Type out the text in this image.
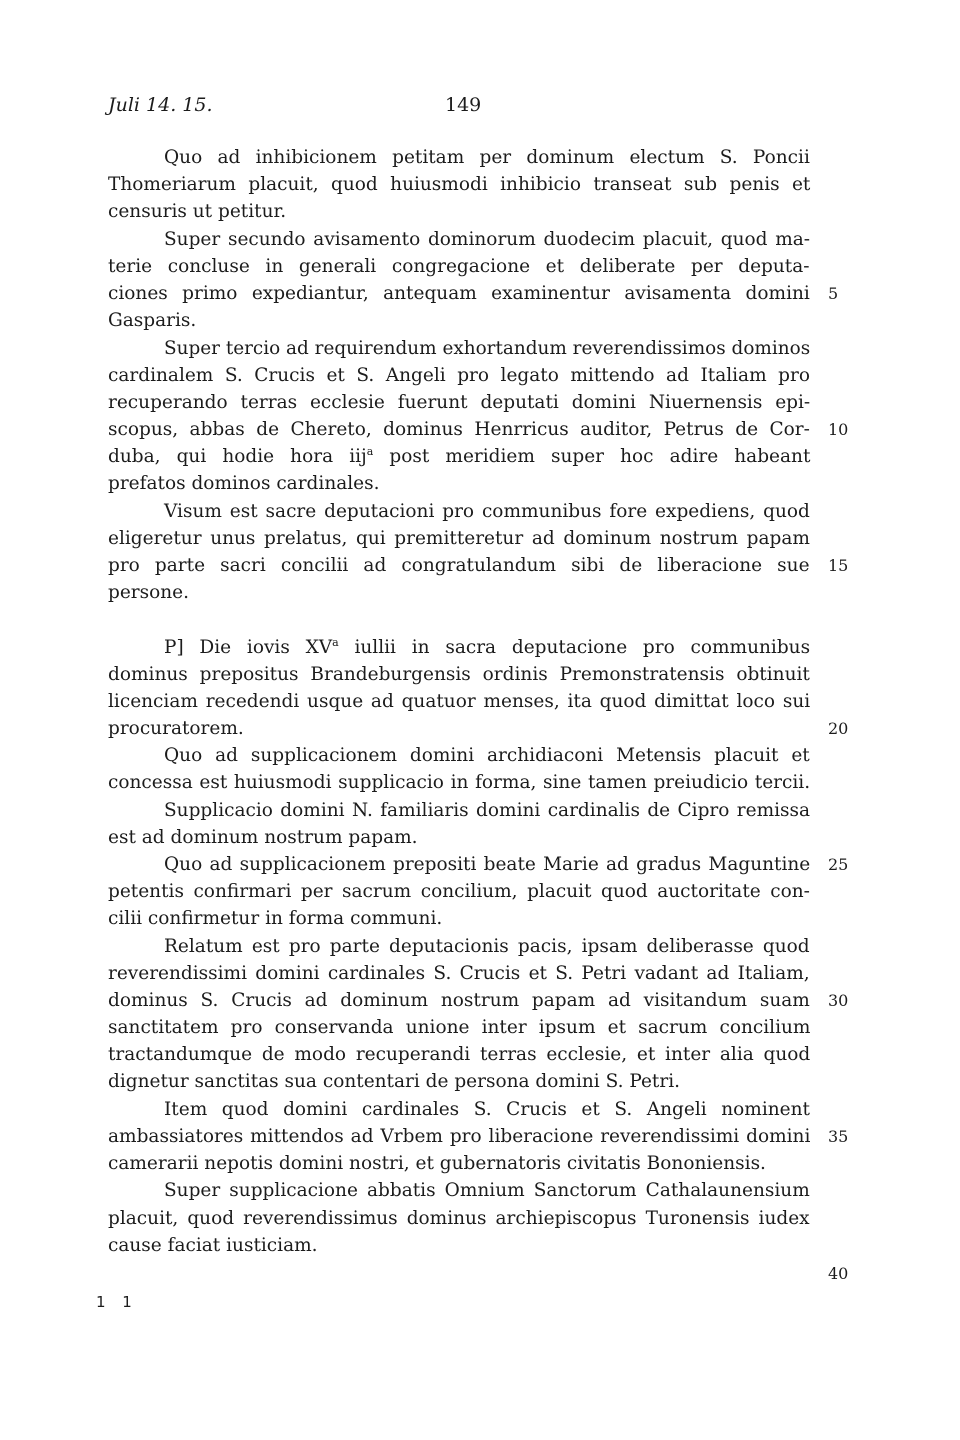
Juli 14. 15.	149
Quo ad inhibicionem petitam per dominum electum S. Poncii
Thomeriarum placuit, quod huiusmodi inhibicio transeat sub penis et
censuris ut petitur.
Super secundo avisamento dominorum duodecim placuit, quod ma-
terie concluse in generali congregacione et deliberate per deputa-
ciones primo expediantur, antequam examinentur avisamenta domini
Gasparis.
Super tercio ad requirendum exhortandum reverendissimos dominos
cardinalem S. Crucis et S. Angeli pro legato mittendo ad Italiam pro
recuperando terras ecclesie fuerunt deputati domini Niuernensis epi-
scopus, abbas de Chereto, dominus Henrricus auditor, Petrus de Cor-
duba, qui hodie hora iij$^a$ post meridiem super hoc adire habeant
prefatos dominos cardinales.
Visum est sacre deputacioni pro communibus fore expediens, quod
eligeretur unus prelatus, qui premitteretur ad dominum nostrum papam
pro parte sacri concilii ad congratulandum sibi de liberacione sue
persone.
P] Die iovis $XV^a$ iullii in sacra deputacione pro communibus
dominus prepositus Brandeburgensis ordinis Premonstratensis obtinuit
licenciam recedendi usque ad quatuor menses, ita quod dimittat loco sui
procuratorem.
Quo ad supplicacionem domini archidiaconi Metensis placuit et
concessa est huiusmodi supplicacio in forma, sine tamen preiudicio tercii.
Supplicacio domini N. familiaris domini cardinalis de Cipro remissa
est ad dominum nostrum papam.
Quo ad supplicacionem prepositi beate Marie ad gradus Maguntine
petentis confirmari per sacrum concilium, placuit quod auctoritate con-
cilii confirmetur in forma communi.
Relatum est pro parte deputacionis pacis, ipsam deliberasse quod
reverendissimi domini cardinales S. Crucis et S. Petri vadant ad Italiam,
dominus S. Crucis ad dominum nostrum papam ad visitandum suam
sanctitatem pro conservanda unione inter ipsum et sacrum concilium
tractandumque de modo recuperandi terras ecclesie, et inter alia quod
dignetur sanctitas sua contentari de persona domini S. Petri.
Item quod domini cardinales S. Crucis et S. Angeli nominent
ambassiatores mittendos ad Vrbem pro liberacione reverendissimi domini
camerarii nepotis domini nostri, et gubernatoris civitatis Bononiensis.
Super supplicacione abbatis Omnium Sanctorum Cathalaunensium
placuit, quod reverendissimus dominus archiepiscopus Turonensis iudex
cause faciat iusticiam.
5
10
15
20
25
30
35
40
1 1
